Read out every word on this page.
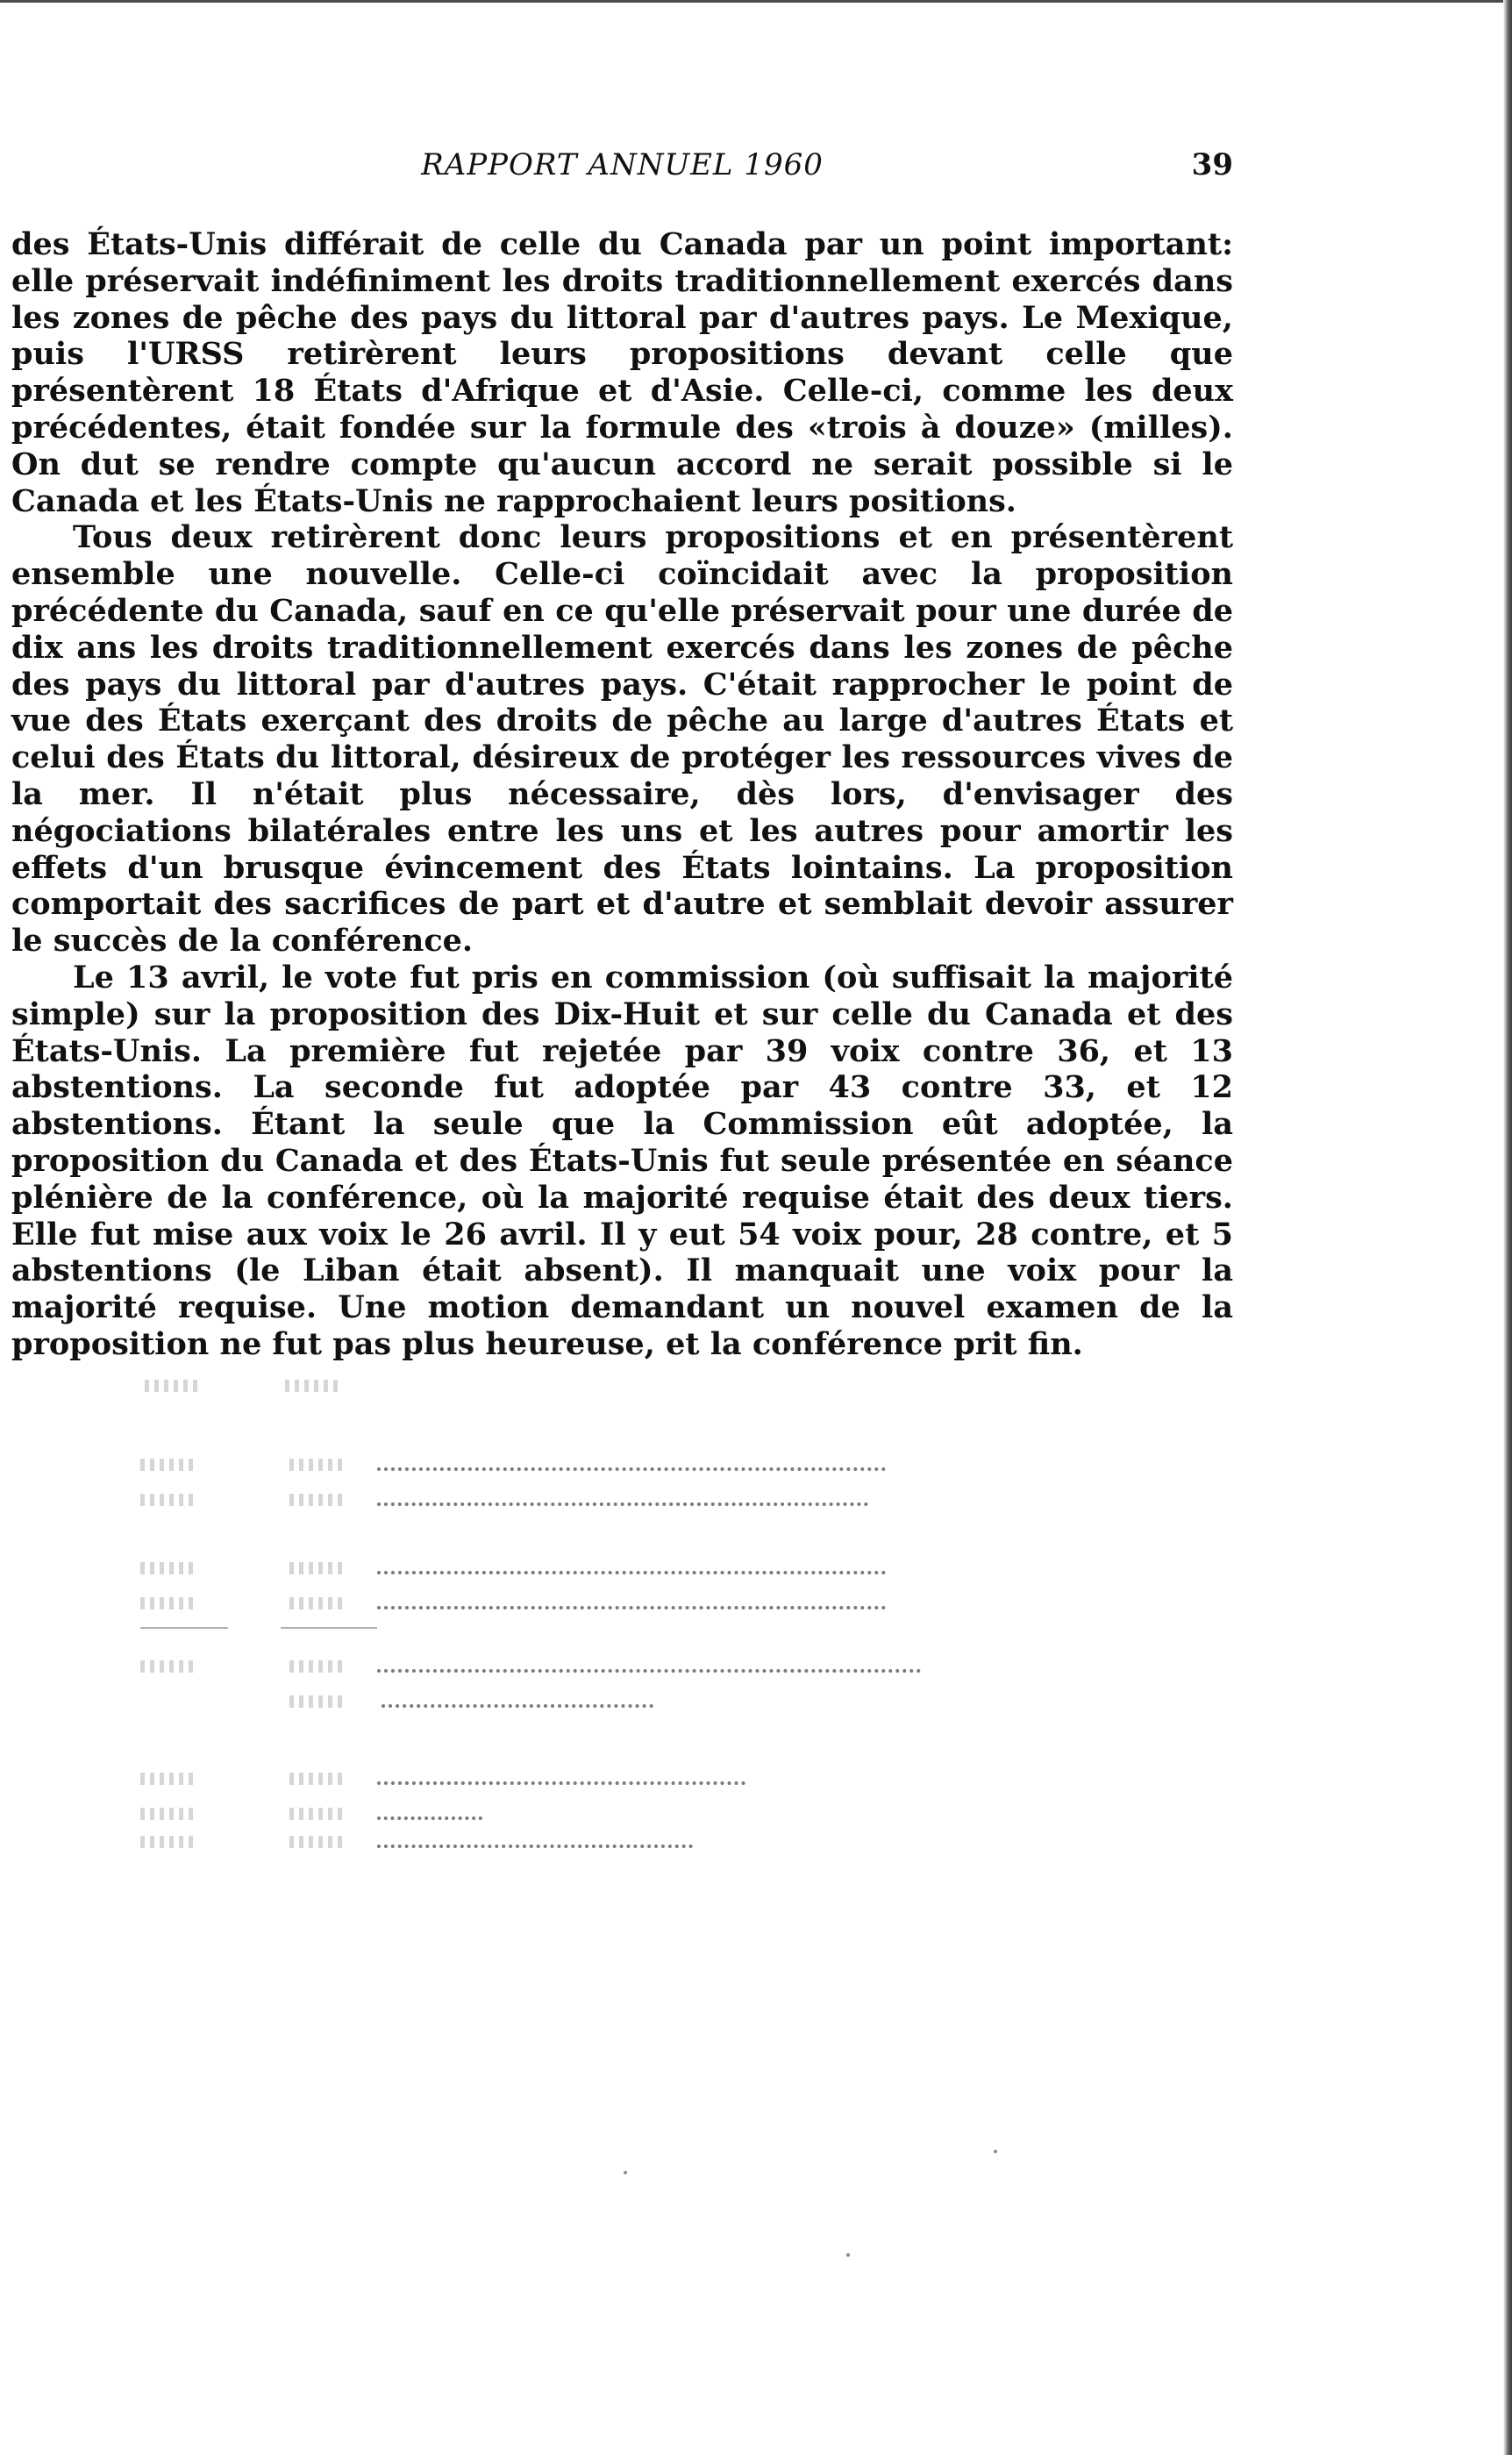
RAPPORT ANNUEL 1960	39

des États-Unis différait de celle du Canada par un point important: elle préservait indéfiniment les droits traditionnellement exercés dans les zones de pêche des pays du littoral par d'autres pays. Le Mexique, puis l'URSS retirèrent leurs propositions devant celle que présentèrent 18 États d'Afrique et d'Asie. Celle-ci, comme les deux précédentes, était fondée sur la formule des «trois à douze» (milles). On dut se rendre compte qu'aucun accord ne serait possible si le Canada et les États-Unis ne rapprochaient leurs positions.

Tous deux retirèrent donc leurs propositions et en présentèrent ensemble une nouvelle. Celle-ci coïncidait avec la proposition précédente du Canada, sauf en ce qu'elle préservait pour une durée de dix ans les droits traditionnellement exercés dans les zones de pêche des pays du littoral par d'autres pays. C'était rapprocher le point de vue des États exerçant des droits de pêche au large d'autres États et celui des États du littoral, désireux de protéger les ressources vives de la mer. Il n'était plus nécessaire, dès lors, d'envisager des négociations bilatérales entre les uns et les autres pour amortir les effets d'un brusque évincement des États lointains. La proposition comportait des sacrifices de part et d'autre et semblait devoir assurer le succès de la conférence.

Le 13 avril, le vote fut pris en commission (où suffisait la majorité simple) sur la proposition des Dix-Huit et sur celle du Canada et des États-Unis. La première fut rejetée par 39 voix contre 36, et 13 abstentions. La seconde fut adoptée par 43 contre 33, et 12 abstentions. Étant la seule que la Commission eût adoptée, la proposition du Canada et des États-Unis fut seule présentée en séance plénière de la conférence, où la majorité requise était des deux tiers. Elle fut mise aux voix le 26 avril. Il y eut 54 voix pour, 28 contre, et 5 abstentions (le Liban était absent). Il manquait une voix pour la majorité requise. Une motion demandant un nouvel examen de la proposition ne fut pas plus heureuse, et la conférence prit fin.
